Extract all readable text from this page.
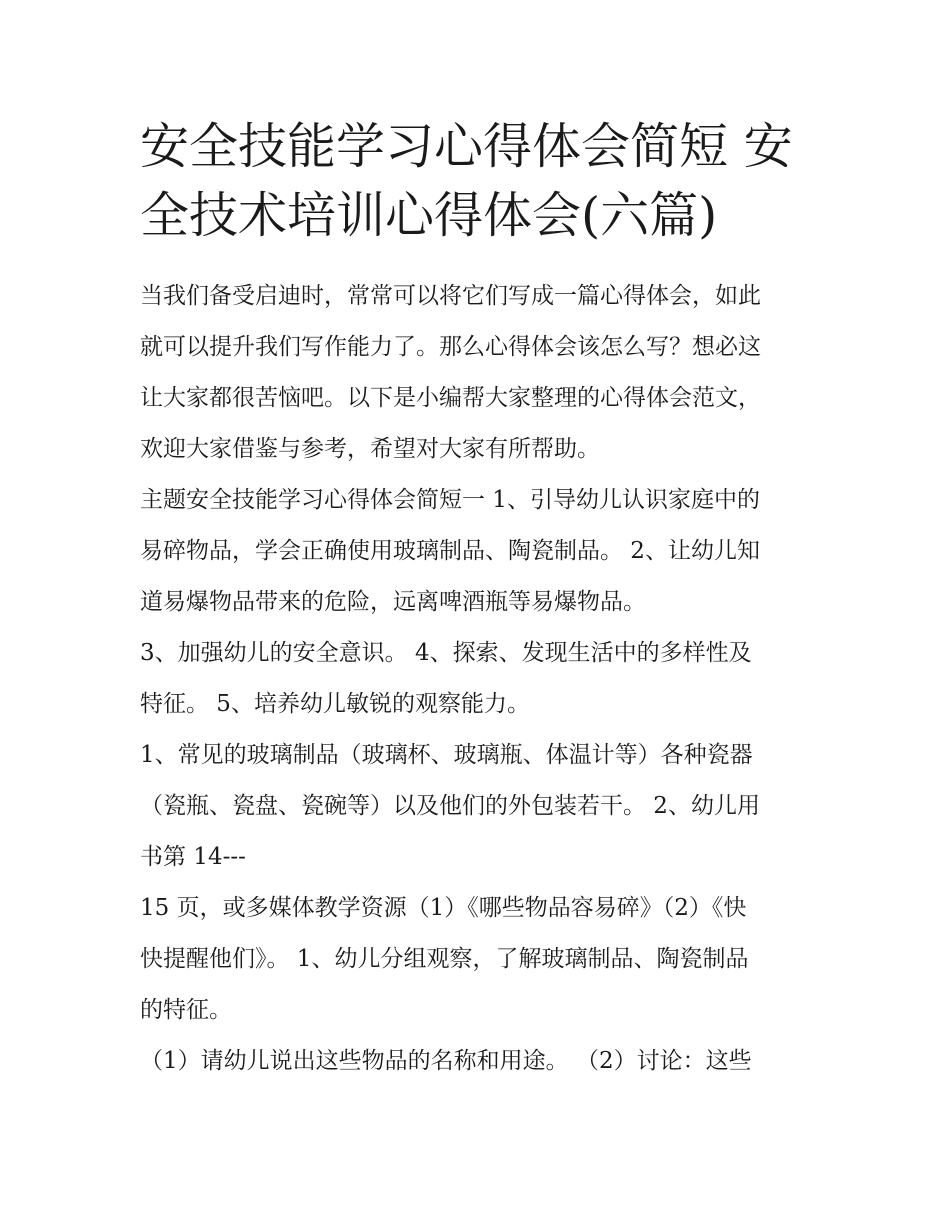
安全技能学习心得体会简短 安
全技术培训心得体会(六篇)

当我们备受启迪时，常常可以将它们写成一篇心得体会，如此
就可以提升我们写作能力了。那么心得体会该怎么写？想必这
让大家都很苦恼吧。以下是小编帮大家整理的心得体会范文，
欢迎大家借鉴与参考，希望对大家有所帮助。

主题安全技能学习心得体会简短一 1、引导幼儿认识家庭中的
易碎物品，学会正确使用玻璃制品、陶瓷制品。 2、让幼儿知
道易爆物品带来的危险，远离啤酒瓶等易爆物品。

3、加强幼儿的安全意识。 4、探索、发现生活中的多样性及
特征。 5、培养幼儿敏锐的观察能力。

1、常见的玻璃制品（玻璃杯、玻璃瓶、体温计等）各种瓷器
（瓷瓶、瓷盘、瓷碗等）以及他们的外包装若干。 2、幼儿用
书第 14---

15 页，或多媒体教学资源（1）《哪些物品容易碎》（2）《快
快提醒他们》。 1、幼儿分组观察，了解玻璃制品、陶瓷制品
的特征。

（1）请幼儿说出这些物品的名称和用途。 （2）讨论：这些
